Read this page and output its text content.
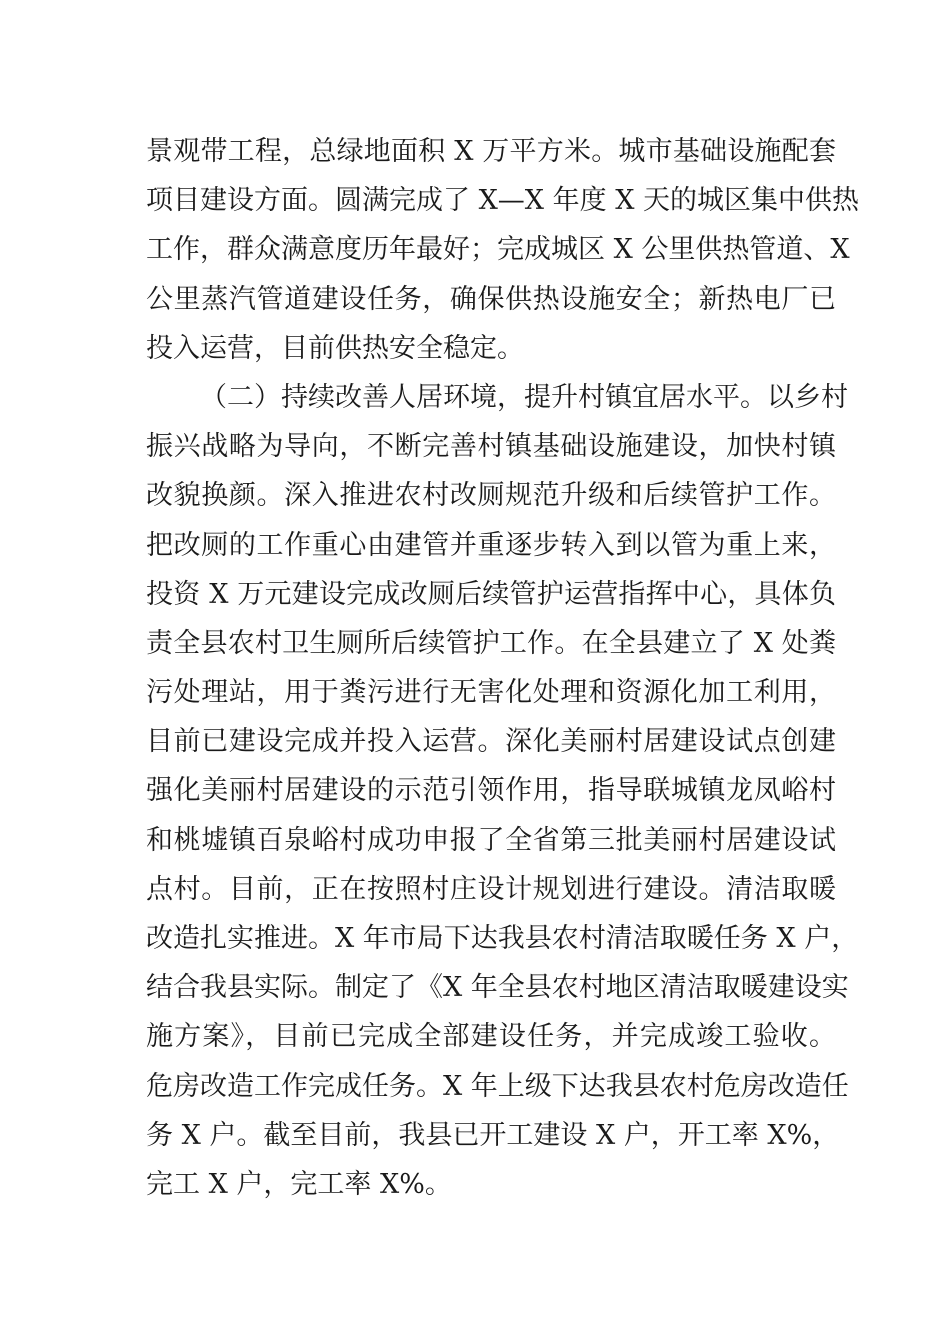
景观带工程，总绿地面积 X 万平方米。城市基础设施配套
项目建设方面。圆满完成了 X—X 年度 X 天的城区集中供热
工作，群众满意度历年最好；完成城区 X 公里供热管道、X
公里蒸汽管道建设任务，确保供热设施安全；新热电厂已
投入运营，目前供热安全稳定。
（二）持续改善人居环境，提升村镇宜居水平。以乡村
振兴战略为导向，不断完善村镇基础设施建设，加快村镇
改貌换颜。深入推进农村改厕规范升级和后续管护工作。
把改厕的工作重心由建管并重逐步转入到以管为重上来，
投资 X 万元建设完成改厕后续管护运营指挥中心，具体负
责全县农村卫生厕所后续管护工作。在全县建立了 X 处粪
污处理站，用于粪污进行无害化处理和资源化加工利用，
目前已建设完成并投入运营。深化美丽村居建设试点创建
强化美丽村居建设的示范引领作用，指导联城镇龙凤峪村
和桃墟镇百泉峪村成功申报了全省第三批美丽村居建设试
点村。目前，正在按照村庄设计规划进行建设。清洁取暖
改造扎实推进。X 年市局下达我县农村清洁取暖任务 X 户，
结合我县实际。制定了《X 年全县农村地区清洁取暖建设实
施方案》，目前已完成全部建设任务，并完成竣工验收。
危房改造工作完成任务。X 年上级下达我县农村危房改造任
务 X 户。截至目前，我县已开工建设 X 户，开工率 X%，
完工 X 户，完工率 X%。
